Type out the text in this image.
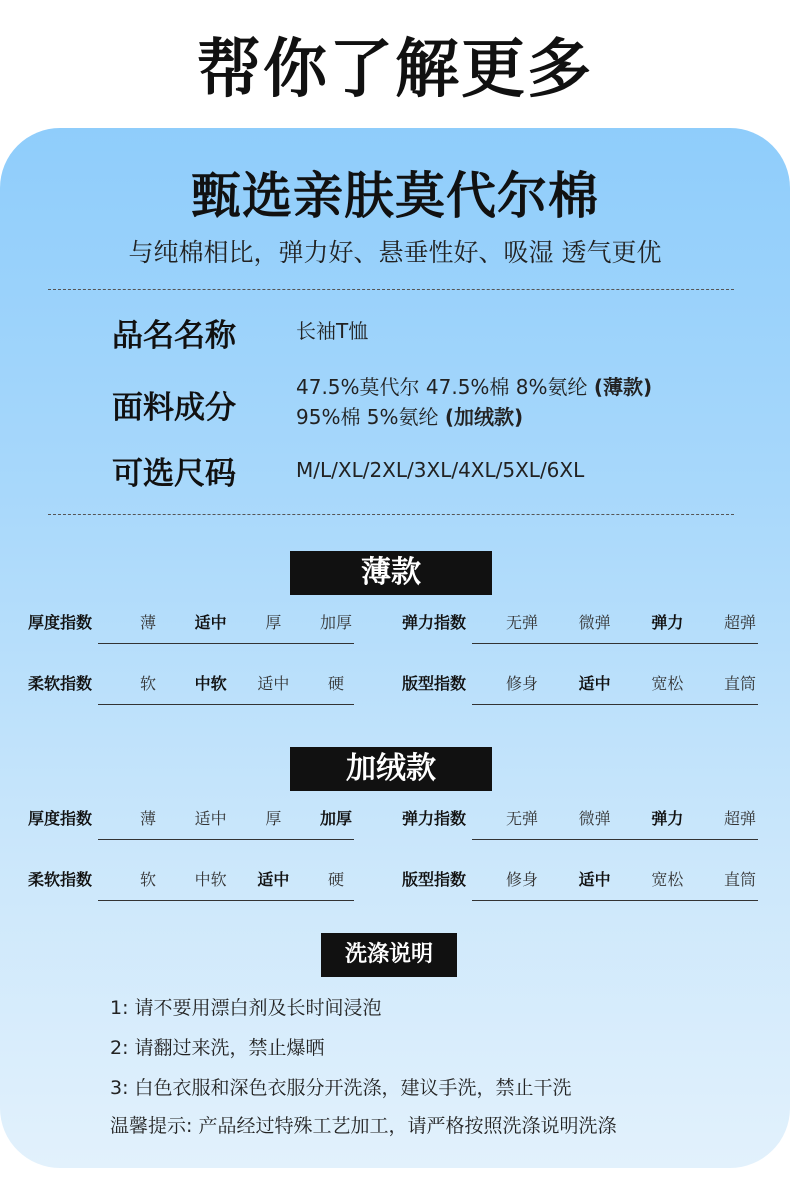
帮你了解更多
甄选亲肤莫代尔棉
与纯棉相比，弹力好、悬垂性好、吸湿 透气更优
品名名称	长袖T恤
面料成分
47.5%莫代尔 47.5%棉 8%氨纶 (薄款)
95%棉 5%氨纶 (加绒款)
可选尺码	M/L/XL/2XL/3XL/4XL/5XL/6XL
薄款
厚度指数	薄 适中 厚 加厚	弹力指数 无弹	微弹	弹力	超弹
柔软指数	软 中软 适中 硬	版型指数 修身	适中	宽松	直筒
加绒款
厚度指数	薄 适中 厚 加厚	弹力指数 无弹	微弹	弹力	超弹
柔软指数	软 中软 适中 硬	版型指数 修身	适中	宽松	直筒
洗涤说明
1: 请不要用漂白剂及长时间浸泡
2: 请翻过来洗，禁止爆晒
3: 白色衣服和深色衣服分开洗涤，建议手洗，禁止干洗
温馨提示: 产品经过特殊工艺加工，请严格按照洗涤说明洗涤
